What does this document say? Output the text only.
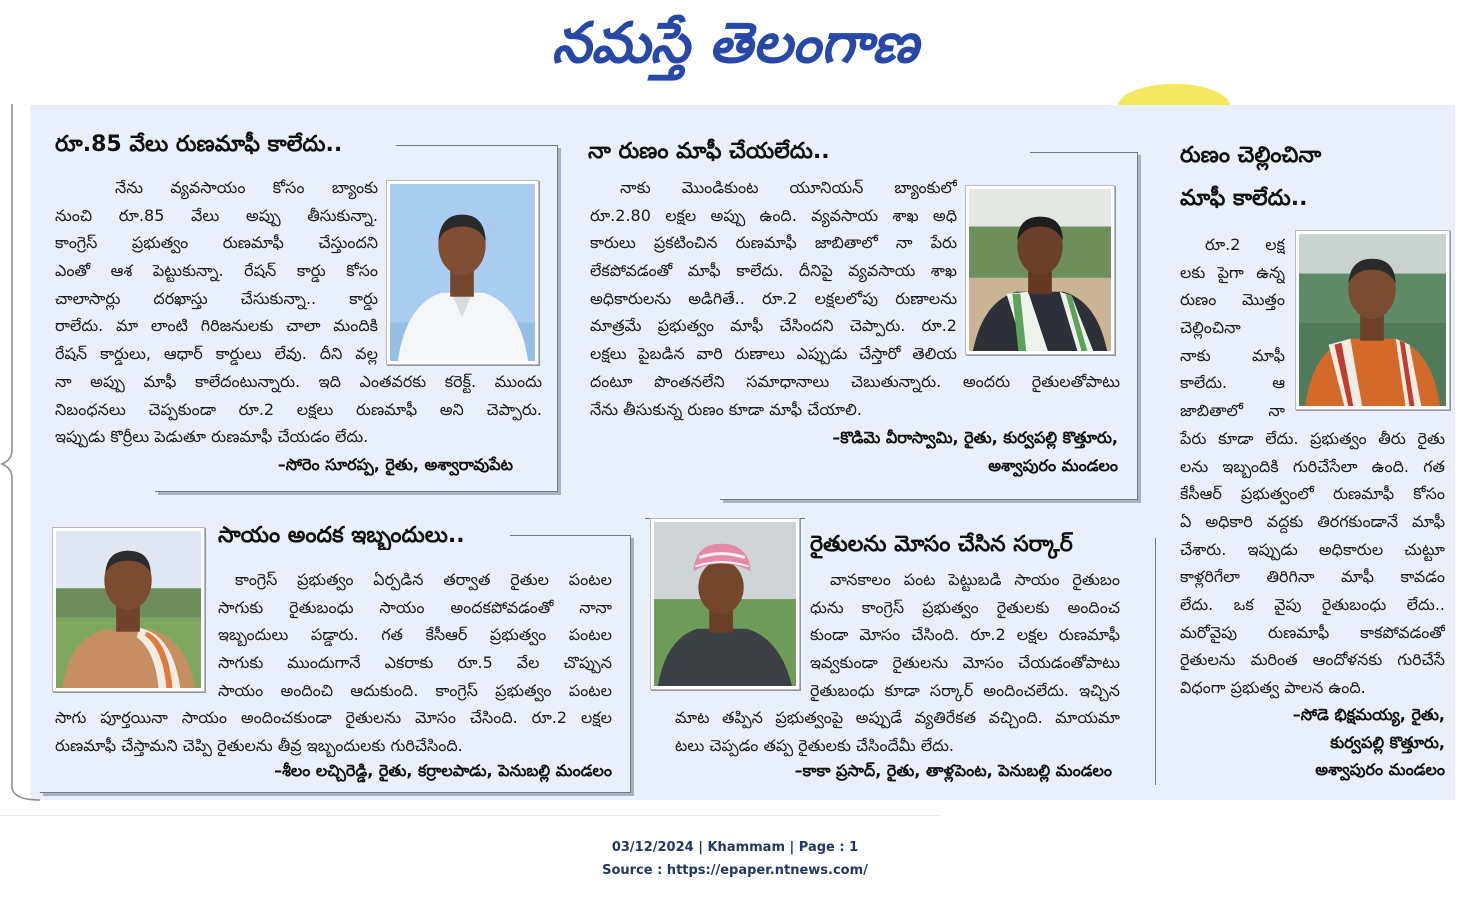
నమస్తే తెలంగాణ
రూ.85 వేలు రుణమాఫీ కాలేదు..
నేను వ్యవసాయం కోసం బ్యాంకు
నుంచి రూ.85 వేలు అప్పు తీసుకున్నా.
కాంగ్రెస్ ప్రభుత్వం రుణమాఫీ చేస్తుందని
ఎంతో ఆశ పెట్టుకున్నా. రేషన్ కార్డు కోసం
చాలాసార్లు దరఖాస్తు చేసుకున్నా.. కార్డు
రాలేదు. మా లాంటి గిరిజనులకు చాలా మందికి
రేషన్ కార్డులు, ఆధార్ కార్డులు లేవు. దీని వల్ల
నా అప్పు మాఫీ కాలేదంటున్నారు. ఇది ఎంతవరకు కరెక్ట్. ముందు
నిబంధనలు చెప్పకుండా రూ.2 లక్షలు రుణమాఫీ అని చెప్పారు.
ఇప్పుడు కొర్రీలు పెడుతూ రుణమాఫీ చేయడం లేదు.
–సోరెం సూరప్ప, రైతు, అశ్వారావుపేట
నా రుణం మాఫీ చేయలేదు..
నాకు మొండికుంట యూనియన్ బ్యాంకులో
రూ.2.80 లక్షల అప్పు ఉంది. వ్యవసాయ శాఖ అధి
కారులు ప్రకటించిన రుణమాఫీ జాబితాలో నా పేరు
లేకపోవడంతో మాఫీ కాలేదు. దీనిపై వ్యవసాయ శాఖ
అధికారులను అడిగితే.. రూ.2 లక్షలలోపు రుణాలను
మాత్రమే ప్రభుత్వం మాఫీ చేసిందని చెప్పారు. రూ.2
లక్షలు పైబడిన వారి రుణాలు ఎప్పుడు చేస్తారో తెలియ
దంటూ పొంతనలేని సమాధానాలు చెబుతున్నారు. అందరు రైతులతోపాటు
నేను తీసుకున్న రుణం కూడా మాఫీ చేయాలి.
–కొడిమె వీరాస్వామి, రైతు, కుర్వపల్లి కొత్తూరు,
అశ్వాపురం మండలం
రుణం చెల్లించినా
మాఫీ కాలేదు..
రూ.2 లక్ష
లకు పైగా ఉన్న
రుణం మొత్తం
చెల్లించినా
నాకు మాఫీ
కాలేదు. ఆ
జాబితాలో నా
పేరు కూడా లేదు. ప్రభుత్వం తీరు రైతు
లను ఇబ్బందికి గురిచేసేలా ఉంది. గత
కేసీఆర్ ప్రభుత్వంలో రుణమాఫీ కోసం
ఏ అధికారి వద్దకు తిరగకుండానే మాఫీ
చేశారు. ఇప్పుడు అధికారుల చుట్టూ
కాళ్లరిగేలా తిరిగినా మాఫీ కావడం
లేదు. ఒక వైపు రైతుబంధు లేదు..
మరోవైపు రుణమాఫీ కాకపోవడంతో
రైతులను మరింత ఆందోళనకు గురిచేసే
విధంగా ప్రభుత్వ పాలన ఉంది.
–సోడె భిక్షమయ్య, రైతు,
కుర్వపల్లి కొత్తూరు,
అశ్వాపురం మండలం
సాయం అందక ఇబ్బందులు..
కాంగ్రెస్ ప్రభుత్వం ఏర్పడిన తర్వాత రైతుల పంటల
సాగుకు రైతుబంధు సాయం అందకపోవడంతో నానా
ఇబ్బందులు పడ్డారు. గత కేసీఆర్ ప్రభుత్వం పంటల
సాగుకు ముందుగానే ఎకరాకు రూ.5 వేల చొప్పున
సాయం అందించి ఆదుకుంది. కాంగ్రెస్ ప్రభుత్వం పంటల
సాగు పూర్తయినా సాయం అందించకుండా రైతులను మోసం చేసింది. రూ.2 లక్షల
రుణమాఫీ చేస్తామని చెప్పి రైతులను తీవ్ర ఇబ్బందులకు గురిచేసింది.
–శీలం లచ్చిరెడ్డి, రైతు, కర్రాలపాడు, పెనుబల్లి మండలం
రైతులను మోసం చేసిన సర్కార్
వానకాలం పంట పెట్టుబడి సాయం రైతుబం
ధును కాంగ్రెస్ ప్రభుత్వం రైతులకు అందించ
కుండా మోసం చేసింది. రూ.2 లక్షల రుణమాఫీ
ఇవ్వకుండా రైతులను మోసం చేయడంతోపాటు
రైతుబంధు కూడా సర్కార్ అందించలేదు. ఇచ్చిన
మాట తప్పిన ప్రభుత్వంపై అప్పుడే వ్యతిరేకత వచ్చింది. మాయమా
టలు చెప్పడం తప్ప రైతులకు చేసిందేమీ లేదు.
–కాకా ప్రసాద్, రైతు, తాళ్లపెంట, పెనుబల్లి మండలం
03/12/2024 | Khammam | Page : 1
Source : https://epaper.ntnews.com/
